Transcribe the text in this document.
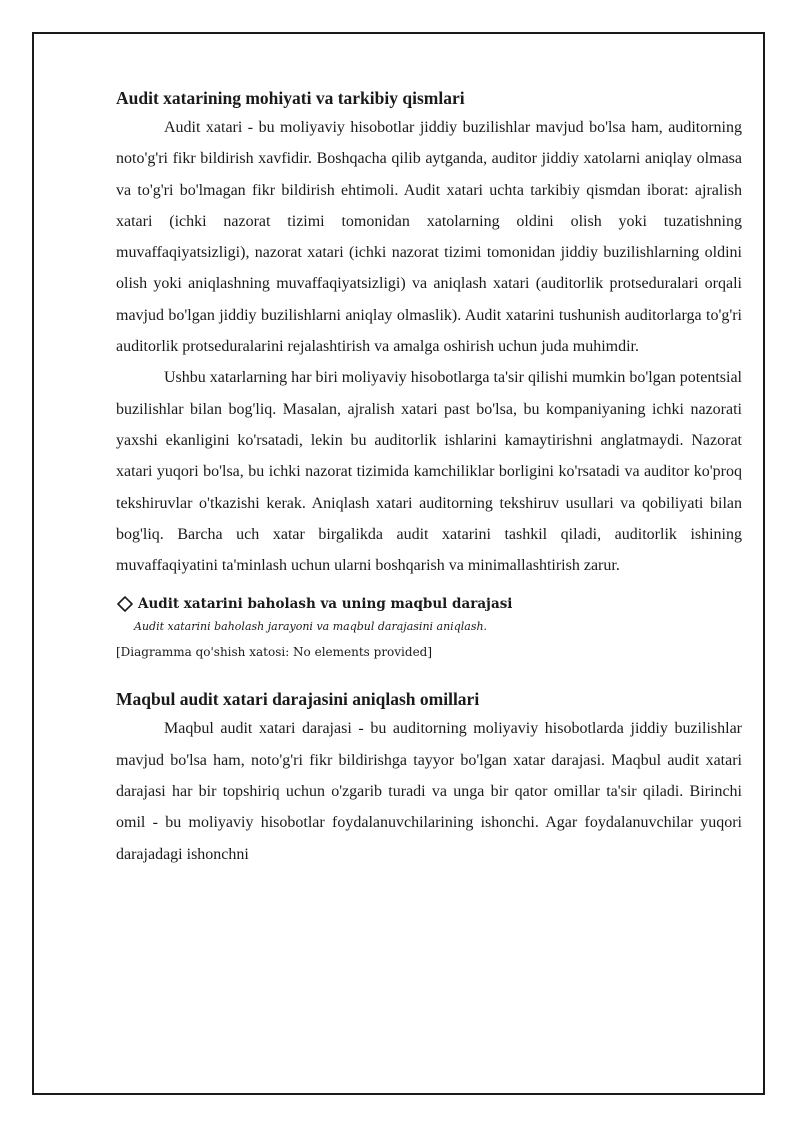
Audit xatarining mohiyati va tarkibiy qismlari

Audit xatari - bu moliyaviy hisobotlar jiddiy buzilishlar mavjud bo'lsa ham, auditorning noto'g'ri fikr bildirish xavfidir. Boshqacha qilib aytganda, auditor jiddiy xatolarni aniqlay olmasa va to'g'ri bo'lmagan fikr bildirish ehtimoli. Audit xatari uchta tarkibiy qismdan iborat: ajralish xatari (ichki nazorat tizimi tomonidan xatolarning oldini olish yoki tuzatishning muvaffaqiyatsizligi), nazorat xatari (ichki nazorat tizimi tomonidan jiddiy buzilishlarning oldini olish yoki aniqlashning muvaffaqiyatsizligi) va aniqlash xatari (auditorlik protseduralari orqali mavjud bo'lgan jiddiy buzilishlarni aniqlay olmaslik). Audit xatarini tushunish auditorlarga to'g'ri auditorlik protseduralarini rejalashtirish va amalga oshirish uchun juda muhimdir.

Ushbu xatarlarning har biri moliyaviy hisobotlarga ta'sir qilishi mumkin bo'lgan potentsial buzilishlar bilan bog'liq. Masalan, ajralish xatari past bo'lsa, bu kompaniyaning ichki nazorati yaxshi ekanligini ko'rsatadi, lekin bu auditorlik ishlarini kamaytirishni anglatmaydi. Nazorat xatari yuqori bo'lsa, bu ichki nazorat tizimida kamchiliklar borligini ko'rsatadi va auditor ko'proq tekshiruvlar o'tkazishi kerak. Aniqlash xatari auditorning tekshiruv usullari va qobiliyati bilan bog'liq. Barcha uch xatar birgalikda audit xatarini tashkil qiladi, auditorlik ishining muvaffaqiyatini ta'minlash uchun ularni boshqarish va minimallashtirish zarur.

Audit xatarini baholash va uning maqbul darajasi
Audit xatarini baholash jarayoni va maqbul darajasini aniqlash.
[Diagramma qo'shish xatosi: No elements provided]
Maqbul audit xatari darajasini aniqlash omillari

Maqbul audit xatari darajasi - bu auditorning moliyaviy hisobotlarda jiddiy buzilishlar mavjud bo'lsa ham, noto'g'ri fikr bildirishga tayyor bo'lgan xatar darajasi. Maqbul audit xatari darajasi har bir topshiriq uchun o'zgarib turadi va unga bir qator omillar ta'sir qiladi. Birinchi omil - bu moliyaviy hisobotlar foydalanuvchilarining ishonchi. Agar foydalanuvchilar yuqori darajadagi ishonchni
